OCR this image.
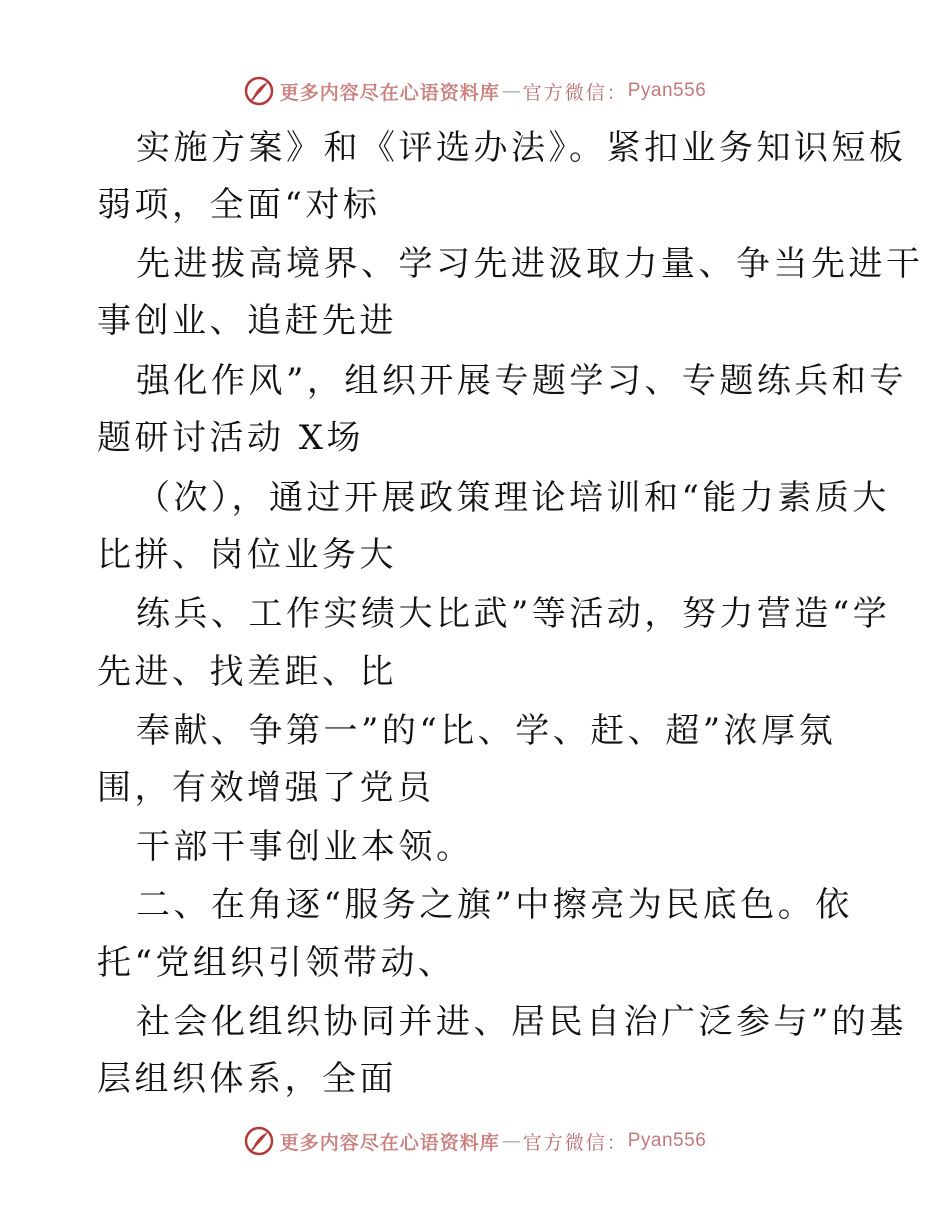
更多内容尽在心语资料库 — 官方微信： Pyan556
实施方案》和《评选办法》。紧扣业务知识短板
弱项，全面“对标
先进拔高境界、学习先进汲取力量、争当先进干
事创业、追赶先进
强化作风”，组织开展专题学习、专题练兵和专
题研讨活动 X场
（次），通过开展政策理论培训和“能力素质大
比拼、岗位业务大
练兵、工作实绩大比武”等活动，努力营造“学
先进、找差距、比
奉献、争第一”的“比、学、赶、超”浓厚氛
围，有效增强了党员
干部干事创业本领。
二、在角逐“服务之旗”中擦亮为民底色。依
托“党组织引领带动、
社会化组织协同并进、居民自治广泛参与”的基
层组织体系，全面
更多内容尽在心语资料库 — 官方微信： Pyan556
